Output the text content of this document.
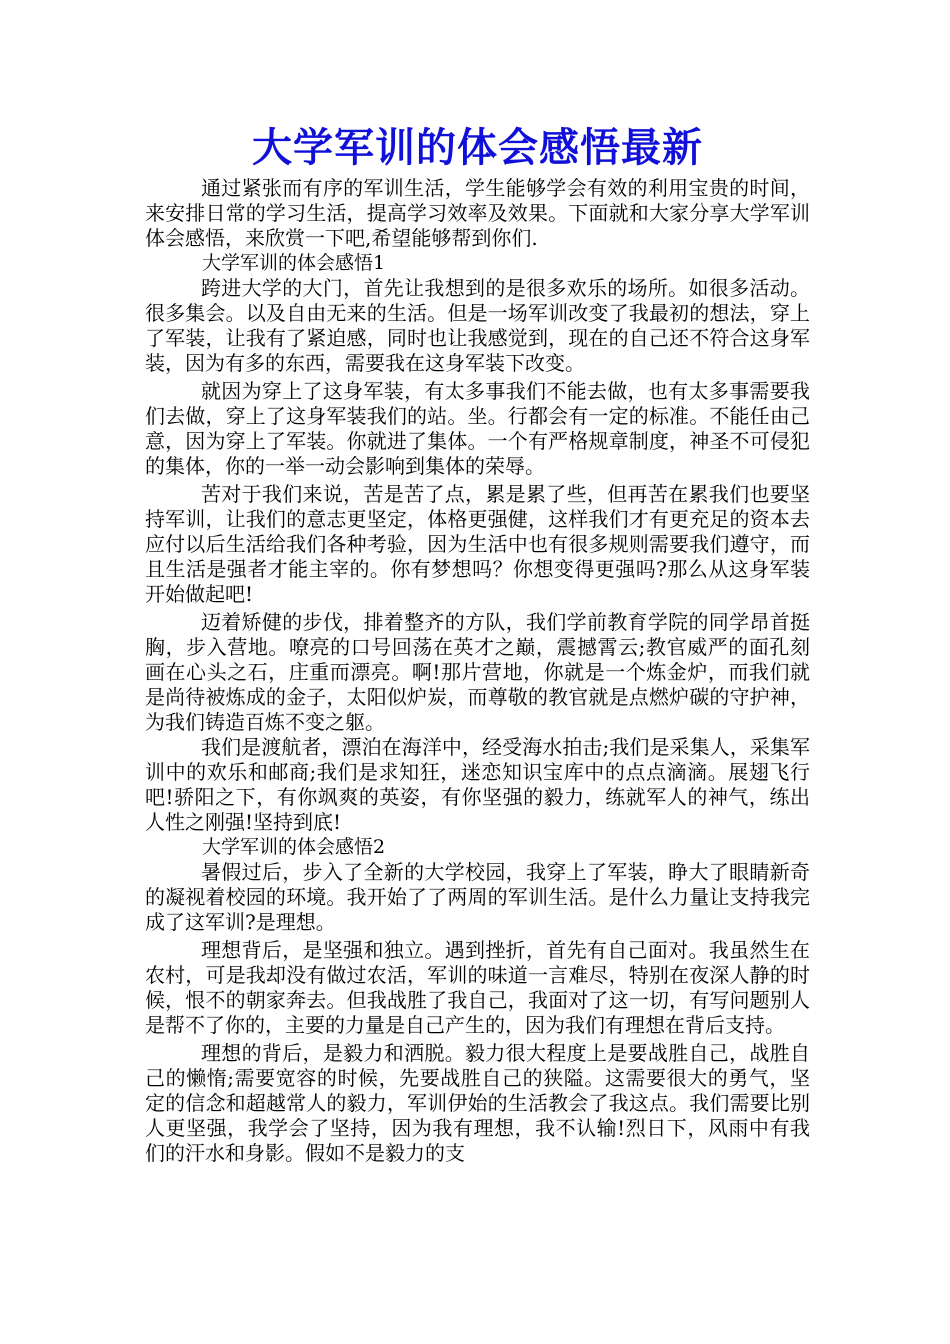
大学军训的体会感悟最新

通过紧张而有序的军训生活，学生能够学会有效的利用宝贵的时间，来安排日常的学习生活，提高学习效率及效果。下面就和大家分享大学军训体会感悟，来欣赏一下吧,希望能够帮到你们.

大学军训的体会感悟1

跨进大学的大门，首先让我想到的是很多欢乐的场所。如很多活动。很多集会。以及自由无来的生活。但是一场军训改变了我最初的想法，穿上了军装，让我有了紧迫感，同时也让我感觉到，现在的自己还不符合这身军装，因为有多的东西，需要我在这身军装下改变。

就因为穿上了这身军装，有太多事我们不能去做，也有太多事需要我们去做，穿上了这身军装我们的站。坐。行都会有一定的标准。不能任由己意，因为穿上了军装。你就进了集体。一个有严格规章制度，神圣不可侵犯的集体，你的一举一动会影响到集体的荣辱。

苦对于我们来说，苦是苦了点，累是累了些，但再苦在累我们也要坚持军训，让我们的意志更坚定，体格更强健，这样我们才有更充足的资本去应付以后生活给我们各种考验，因为生活中也有很多规则需要我们遵守，而且生活是强者才能主宰的。你有梦想吗？你想变得更强吗?那么从这身军装开始做起吧!

迈着矫健的步伐，排着整齐的方队，我们学前教育学院的同学昂首挺胸，步入营地。嘹亮的口号回荡在英才之巅，震撼霄云;教官威严的面孔刻画在心头之石，庄重而漂亮。啊!那片营地，你就是一个炼金炉，而我们就是尚待被炼成的金子，太阳似炉炭，而尊敬的教官就是点燃炉碳的守护神，为我们铸造百炼不变之躯。

我们是渡航者，漂泊在海洋中，经受海水拍击;我们是采集人，采集军训中的欢乐和邮商;我们是求知狂，迷恋知识宝库中的点点滴滴。展翅飞行吧!骄阳之下，有你飒爽的英姿，有你坚强的毅力，练就军人的神气，练出人性之刚强!坚持到底!

大学军训的体会感悟2

暑假过后，步入了全新的大学校园，我穿上了军装，睁大了眼睛新奇的凝视着校园的环境。我开始了了两周的军训生活。是什么力量让支持我完成了这军训?是理想。

理想背后，是坚强和独立。遇到挫折，首先有自己面对。我虽然生在农村，可是我却没有做过农活，军训的味道一言难尽，特别在夜深人静的时候，恨不的朝家奔去。但我战胜了我自己，我面对了这一切，有写问题别人是帮不了你的，主要的力量是自己产生的，因为我们有理想在背后支持。

理想的背后，是毅力和洒脱。毅力很大程度上是要战胜自己，战胜自己的懒惰;需要宽容的时候，先要战胜自己的狭隘。这需要很大的勇气，坚定的信念和超越常人的毅力，军训伊始的生活教会了我这点。我们需要比别人更坚强，我学会了坚持，因为我有理想，我不认输!烈日下，风雨中有我们的汗水和身影。假如不是毅力的支
